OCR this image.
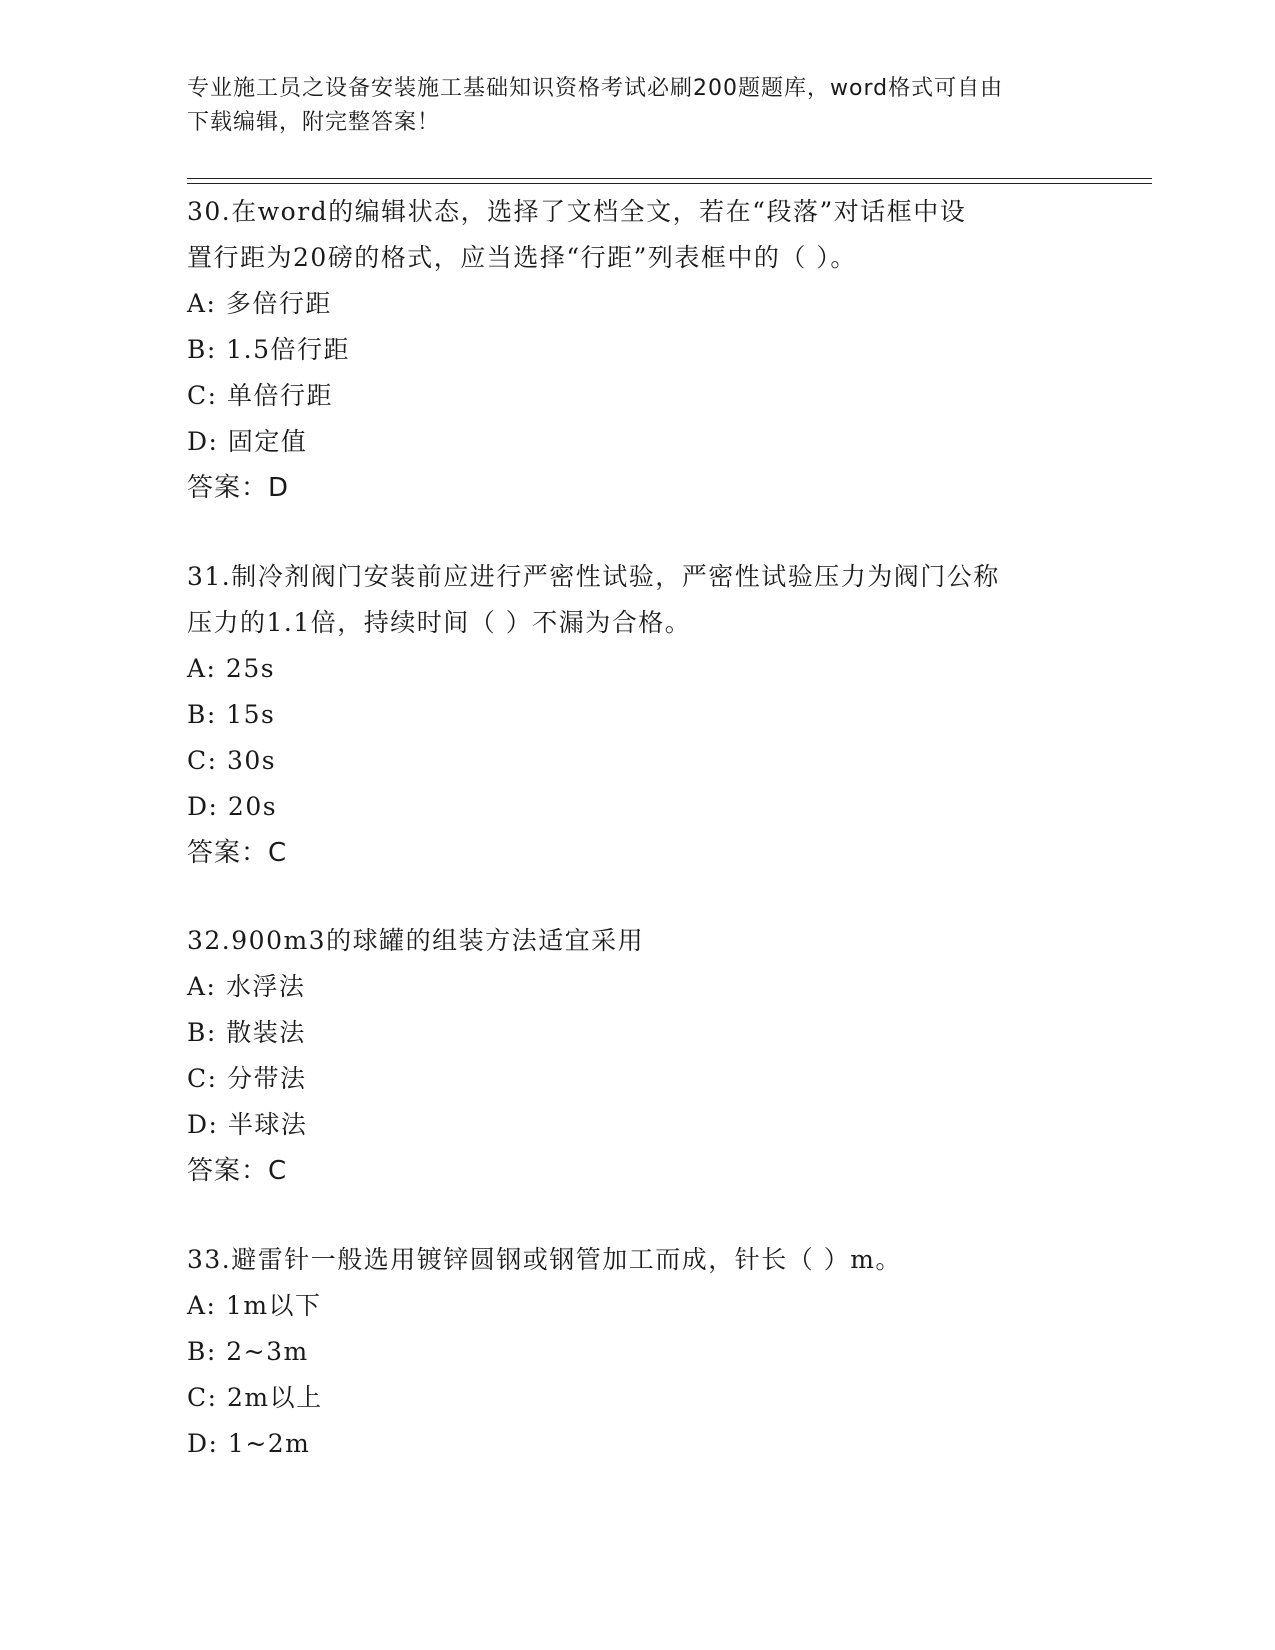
专业施工员之设备安装施工基础知识资格考试必刷200题题库，word格式可自由
下载编辑，附完整答案！
30.在word的编辑状态，选择了文档全文，若在“段落”对话框中设
置行距为20磅的格式，应当选择“行距”列表框中的（ ）。
A: 多倍行距
B: 1.5倍行距
C: 单倍行距
D: 固定值
答案：D
31.制冷剂阀门安装前应进行严密性试验，严密性试验压力为阀门公称
压力的1.1倍，持续时间（ ）不漏为合格。
A: 25s
B: 15s
C: 30s
D: 20s
答案：C
32.900m3的球罐的组装方法适宜采用
A: 水浮法
B: 散装法
C: 分带法
D: 半球法
答案：C
33.避雷针一般选用镀锌圆钢或钢管加工而成，针长（ ）m。
A: 1m以下
B: 2~3m
C: 2m以上
D: 1~2m
